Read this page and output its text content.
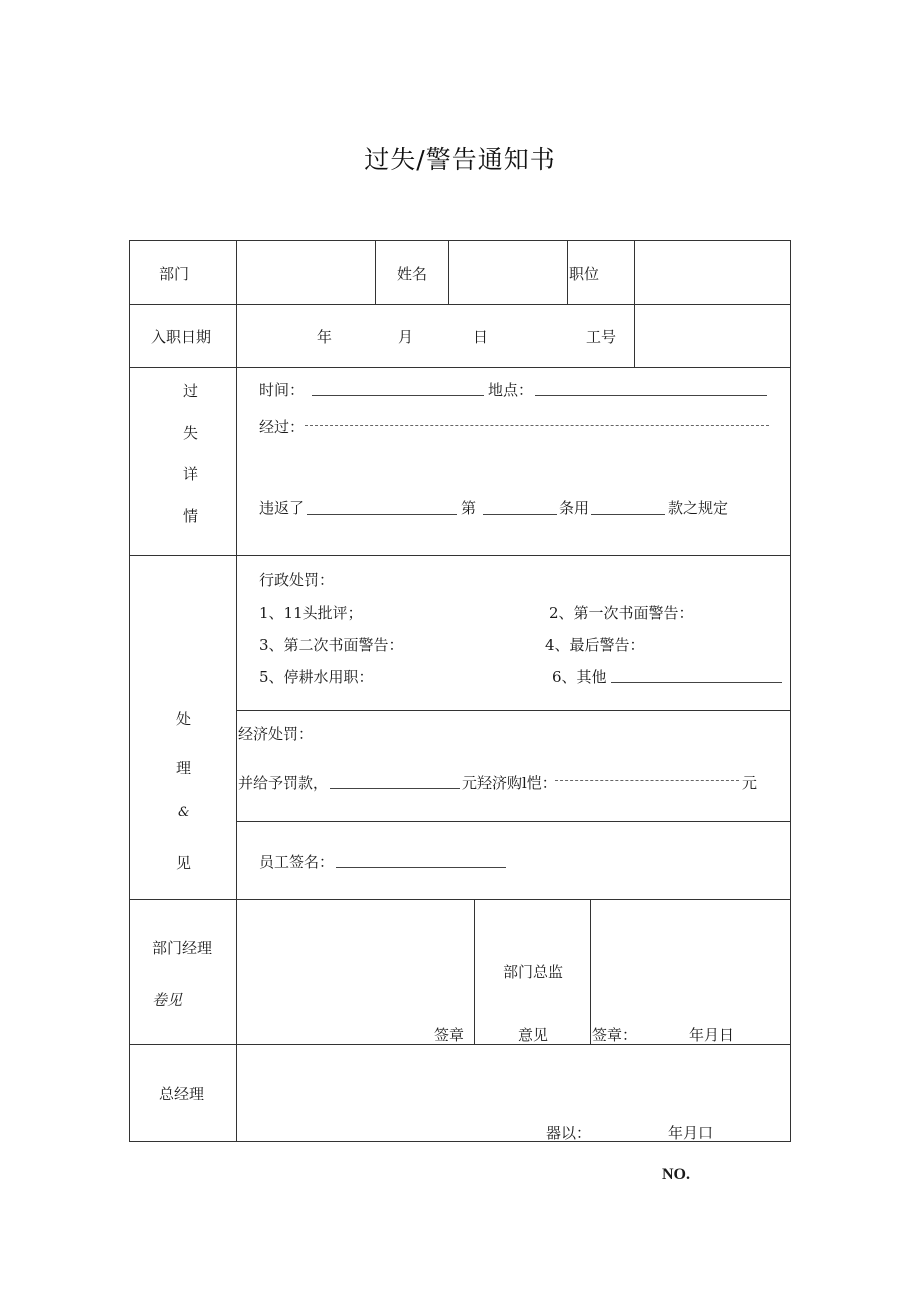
过失/警告通知书
部门	姓名	职位
入职日期	年	月	日	工号
过
失
详
情
时间：	地点：
经过：
违返了	第	条用	款之规定
处
理
&
见
行政处罚：
1、11头批评；	2、第一次书面警告：
3、第二次书面警告：	4、最后警告：
5、停耕水用职：	6、其他
经济处罚：
并给予罚款，	元羟济购l恺：	元
员工签名：
部门经理
卷见
签章
部门总监
意见	签章：	年月日
总经理
器以：	年月口
NO.
